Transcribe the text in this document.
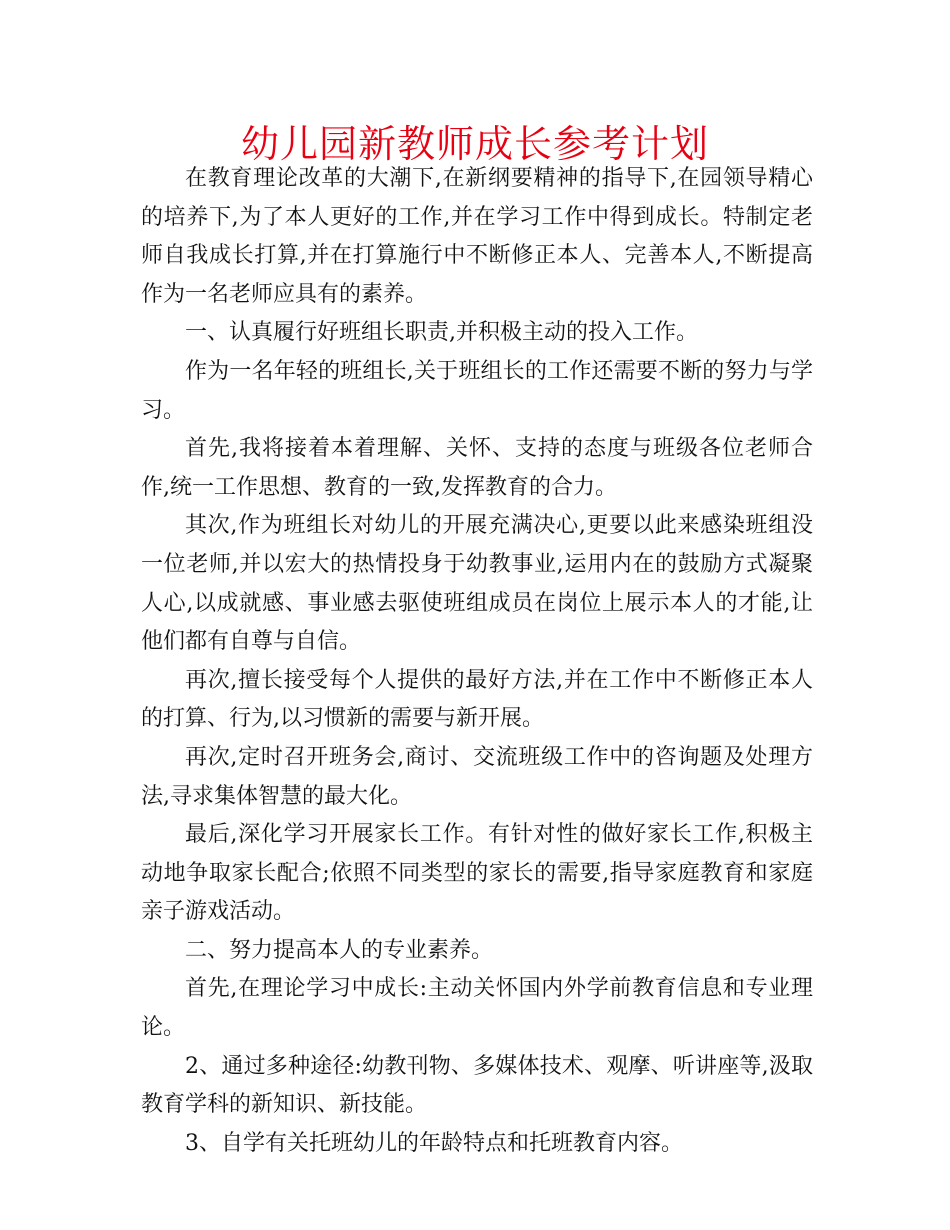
幼儿园新教师成长参考计划

在教育理论改革的大潮下,在新纲要精神的指导下,在园领导精心的培养下,为了本人更好的工作,并在学习工作中得到成长。特制定老师自我成长打算,并在打算施行中不断修正本人、完善本人,不断提高作为一名老师应具有的素养。

一、认真履行好班组长职责,并积极主动的投入工作。

作为一名年轻的班组长,关于班组长的工作还需要不断的努力与学习。

首先,我将接着本着理解、关怀、支持的态度与班级各位老师合作,统一工作思想、教育的一致,发挥教育的合力。

其次,作为班组长对幼儿的开展充满决心,更要以此来感染班组没一位老师,并以宏大的热情投身于幼教事业,运用内在的鼓励方式凝聚人心,以成就感、事业感去驱使班组成员在岗位上展示本人的才能,让他们都有自尊与自信。

再次,擅长接受每个人提供的最好方法,并在工作中不断修正本人的打算、行为,以习惯新的需要与新开展。

再次,定时召开班务会,商讨、交流班级工作中的咨询题及处理方法,寻求集体智慧的最大化。

最后,深化学习开展家长工作。有针对性的做好家长工作,积极主动地争取家长配合;依照不同类型的家长的需要,指导家庭教育和家庭亲子游戏活动。

二、努力提高本人的专业素养。

首先,在理论学习中成长:主动关怀国内外学前教育信息和专业理论。

2、通过多种途径:幼教刊物、多媒体技术、观摩、听讲座等,汲取教育学科的新知识、新技能。

3、自学有关托班幼儿的年龄特点和托班教育内容。
